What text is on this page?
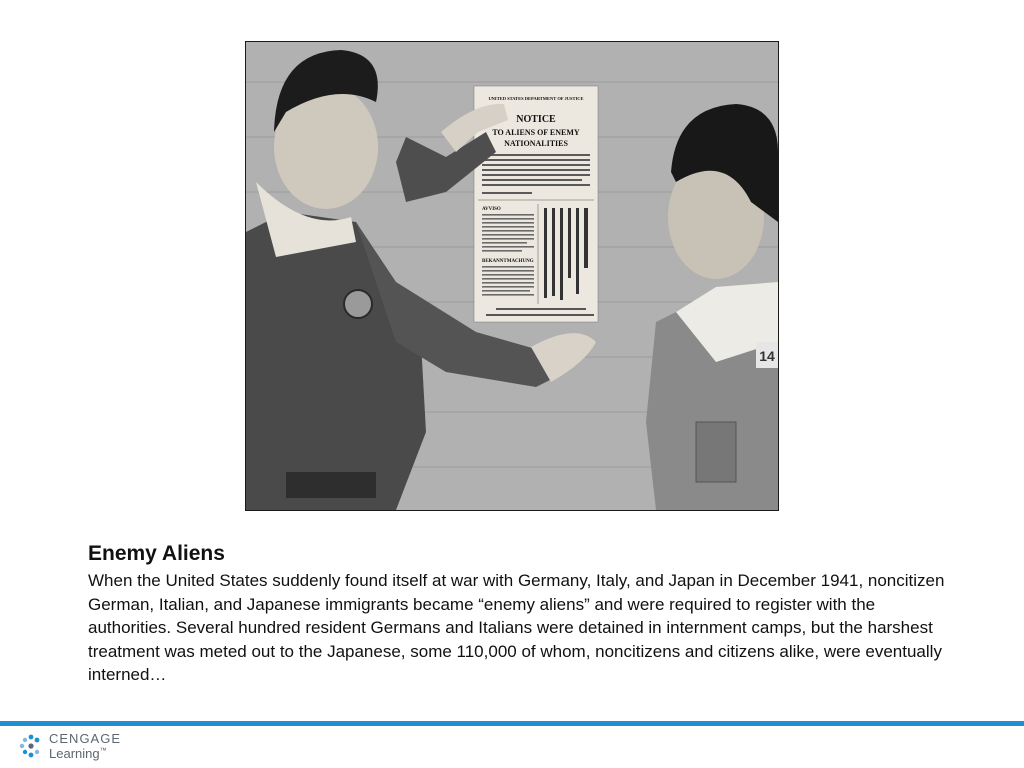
UNITED STATES DEPARTMENT OF JUSTICE
NOTICE
TO ALIENS OF ENEMY
NATIONALITIES
AVVISO
BEKANNTMACHUNG
14
Enemy Aliens

When the United States suddenly found itself at war with Germany, Italy, and Japan in December 1941, noncitizen German, Italian, and Japanese immigrants became “enemy aliens” and were required to register with the authorities. Several hundred resident Germans and Italians were detained in internment camps, but the harshest treatment was meted out to the Japanese, some 110,000 of whom, noncitizens and citizens alike, were eventually interned…

CENGAGE
Learning™
